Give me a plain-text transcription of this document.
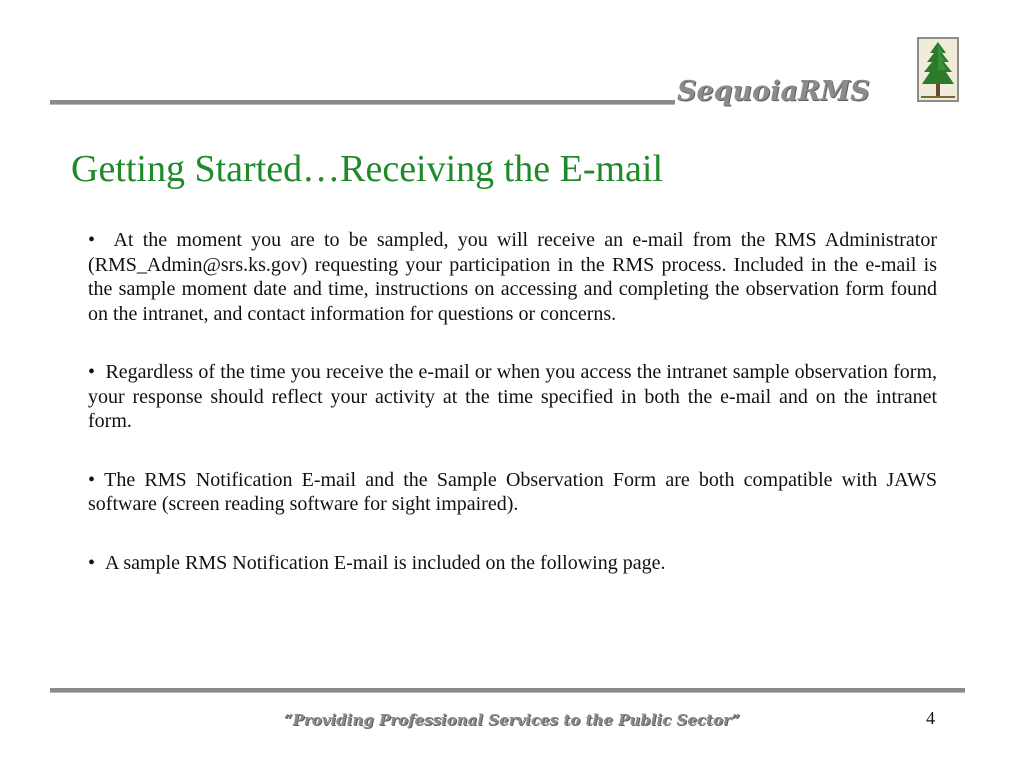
SequoiaRMS
Getting Started…Receiving the E-mail

• At the moment you are to be sampled, you will receive an e-mail from the RMS Administrator (RMS_Admin@srs.ks.gov) requesting your participation in the RMS process. Included in the e-mail is the sample moment date and time, instructions on accessing and completing the observation form found on the intranet, and contact information for questions or concerns.

• Regardless of the time you receive the e-mail or when you access the intranet sample observation form, your response should reflect your activity at the time specified in both the e-mail and on the intranet form.

• The RMS Notification E-mail and the Sample Observation Form are both compatible with JAWS software (screen reading software for sight impaired).

• A sample RMS Notification E-mail is included on the following page.

“Providing Professional Services to the Public Sector”	4
